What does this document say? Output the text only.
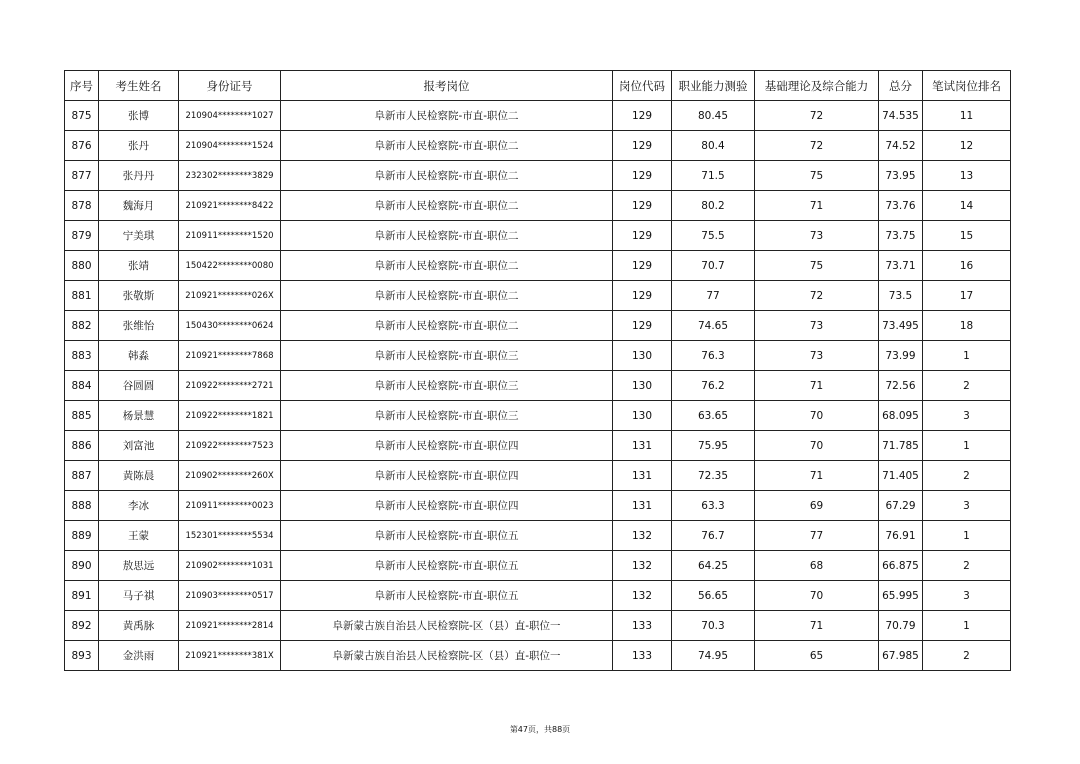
序号	考生姓名	身份证号	报考岗位	岗位代码	职业能力测验	基础理论及综合能力	总分	笔试岗位排名
875	张博	210904********1027	阜新市人民检察院-市直-职位二	129	80.45	72	74.535	11
876	张丹	210904********1524	阜新市人民检察院-市直-职位二	129	80.4	72	74.52	12
877	张丹丹	232302********3829	阜新市人民检察院-市直-职位二	129	71.5	75	73.95	13
878	魏海月	210921********8422	阜新市人民检察院-市直-职位二	129	80.2	71	73.76	14
879	宁美琪	210911********1520	阜新市人民检察院-市直-职位二	129	75.5	73	73.75	15
880	张靖	150422********0080	阜新市人民检察院-市直-职位二	129	70.7	75	73.71	16
881	张敬斯	210921********026X	阜新市人民检察院-市直-职位二	129	77	72	73.5	17
882	张维怡	150430********0624	阜新市人民检察院-市直-职位二	129	74.65	73	73.495	18
883	韩淼	210921********7868	阜新市人民检察院-市直-职位三	130	76.3	73	73.99	1
884	谷圆圆	210922********2721	阜新市人民检察院-市直-职位三	130	76.2	71	72.56	2
885	杨景慧	210922********1821	阜新市人民检察院-市直-职位三	130	63.65	70	68.095	3
886	刘富池	210922********7523	阜新市人民检察院-市直-职位四	131	75.95	70	71.785	1
887	黄陈晨	210902********260X	阜新市人民检察院-市直-职位四	131	72.35	71	71.405	2
888	李冰	210911********0023	阜新市人民检察院-市直-职位四	131	63.3	69	67.29	3
889	王蒙	152301********5534	阜新市人民检察院-市直-职位五	132	76.7	77	76.91	1
890	敖思远	210902********1031	阜新市人民检察院-市直-职位五	132	64.25	68	66.875	2
891	马子祺	210903********0517	阜新市人民检察院-市直-职位五	132	56.65	70	65.995	3
892	黄禹脉	210921********2814	阜新蒙古族自治县人民检察院-区（县）直-职位一	133	70.3	71	70.79	1
893	金洪雨	210921********381X	阜新蒙古族自治县人民检察院-区（县）直-职位一	133	74.95	65	67.985	2
第47页，共88页
